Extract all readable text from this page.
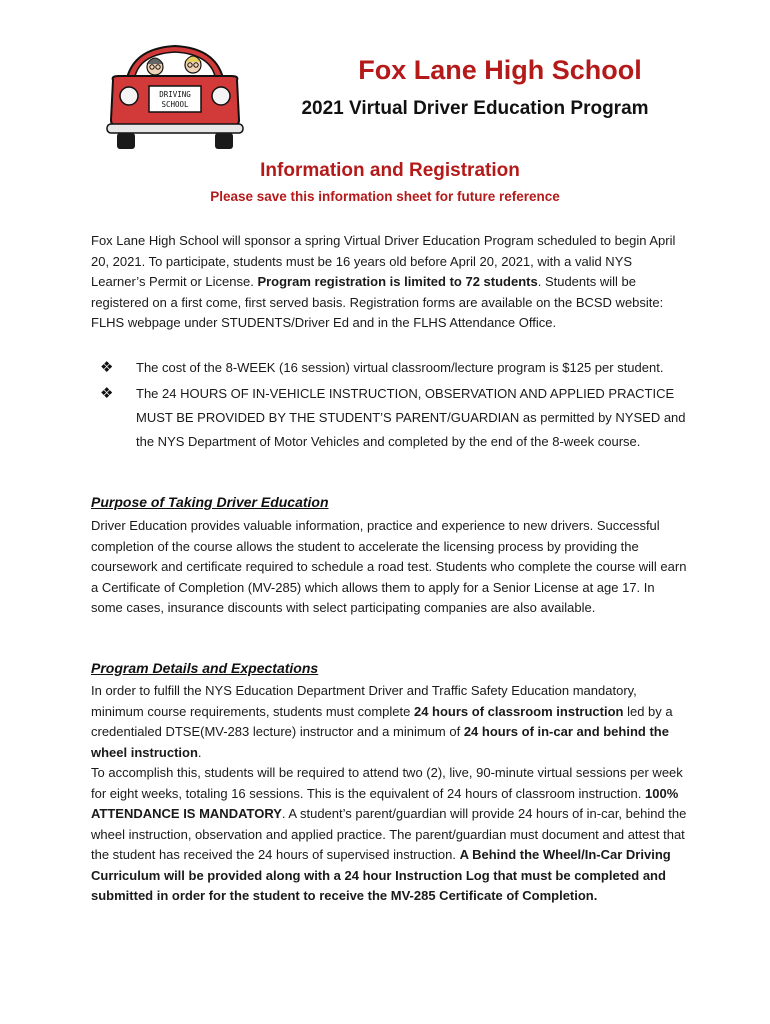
DRIVING
SCHOOL
Fox Lane High School
2021 Virtual Driver Education Program
Information and Registration
Please save this information sheet for future reference

Fox Lane High School will sponsor a spring Virtual Driver Education Program scheduled to begin April 20, 2021. To participate, students must be 16 years old before April 20, 2021, with a valid NYS Learner’s Permit or License. Program registration is limited to 72 students. Students will be registered on a first come, first served basis. Registration forms are available on the BCSD website: FLHS webpage under STUDENTS/Driver Ed and in the FLHS Attendance Office.

❖ The cost of the 8-WEEK (16 session) virtual classroom/lecture program is $125 per student.
❖ The 24 HOURS OF IN-VEHICLE INSTRUCTION, OBSERVATION AND APPLIED PRACTICE MUST BE PROVIDED BY THE STUDENT’S PARENT/GUARDIAN as permitted by NYSED and the NYS Department of Motor Vehicles and completed by the end of the 8-week course.
Purpose of Taking Driver Education

Driver Education provides valuable information, practice and experience to new drivers. Successful completion of the course allows the student to accelerate the licensing process by providing the coursework and certificate required to schedule a road test. Students who complete the course will earn a Certificate of Completion (MV-285) which allows them to apply for a Senior License at age 17. In some cases, insurance discounts with select participating companies are also available.

Program Details and Expectations

In order to fulfill the NYS Education Department Driver and Traffic Safety Education mandatory, minimum course requirements, students must complete 24 hours of classroom instruction led by a credentialed DTSE(MV-283 lecture) instructor and a minimum of 24 hours of in-car and behind the wheel instruction.
To accomplish this, students will be required to attend two (2), live, 90-minute virtual sessions per week for eight weeks, totaling 16 sessions. This is the equivalent of 24 hours of classroom instruction. 100% ATTENDANCE IS MANDATORY. A student’s parent/guardian will provide 24 hours of in-car, behind the wheel instruction, observation and applied practice. The parent/guardian must document and attest that the student has received the 24 hours of supervised instruction. A Behind the Wheel/In-Car Driving Curriculum will be provided along with a 24 hour Instruction Log that must be completed and submitted in order for the student to receive the MV-285 Certificate of Completion.
